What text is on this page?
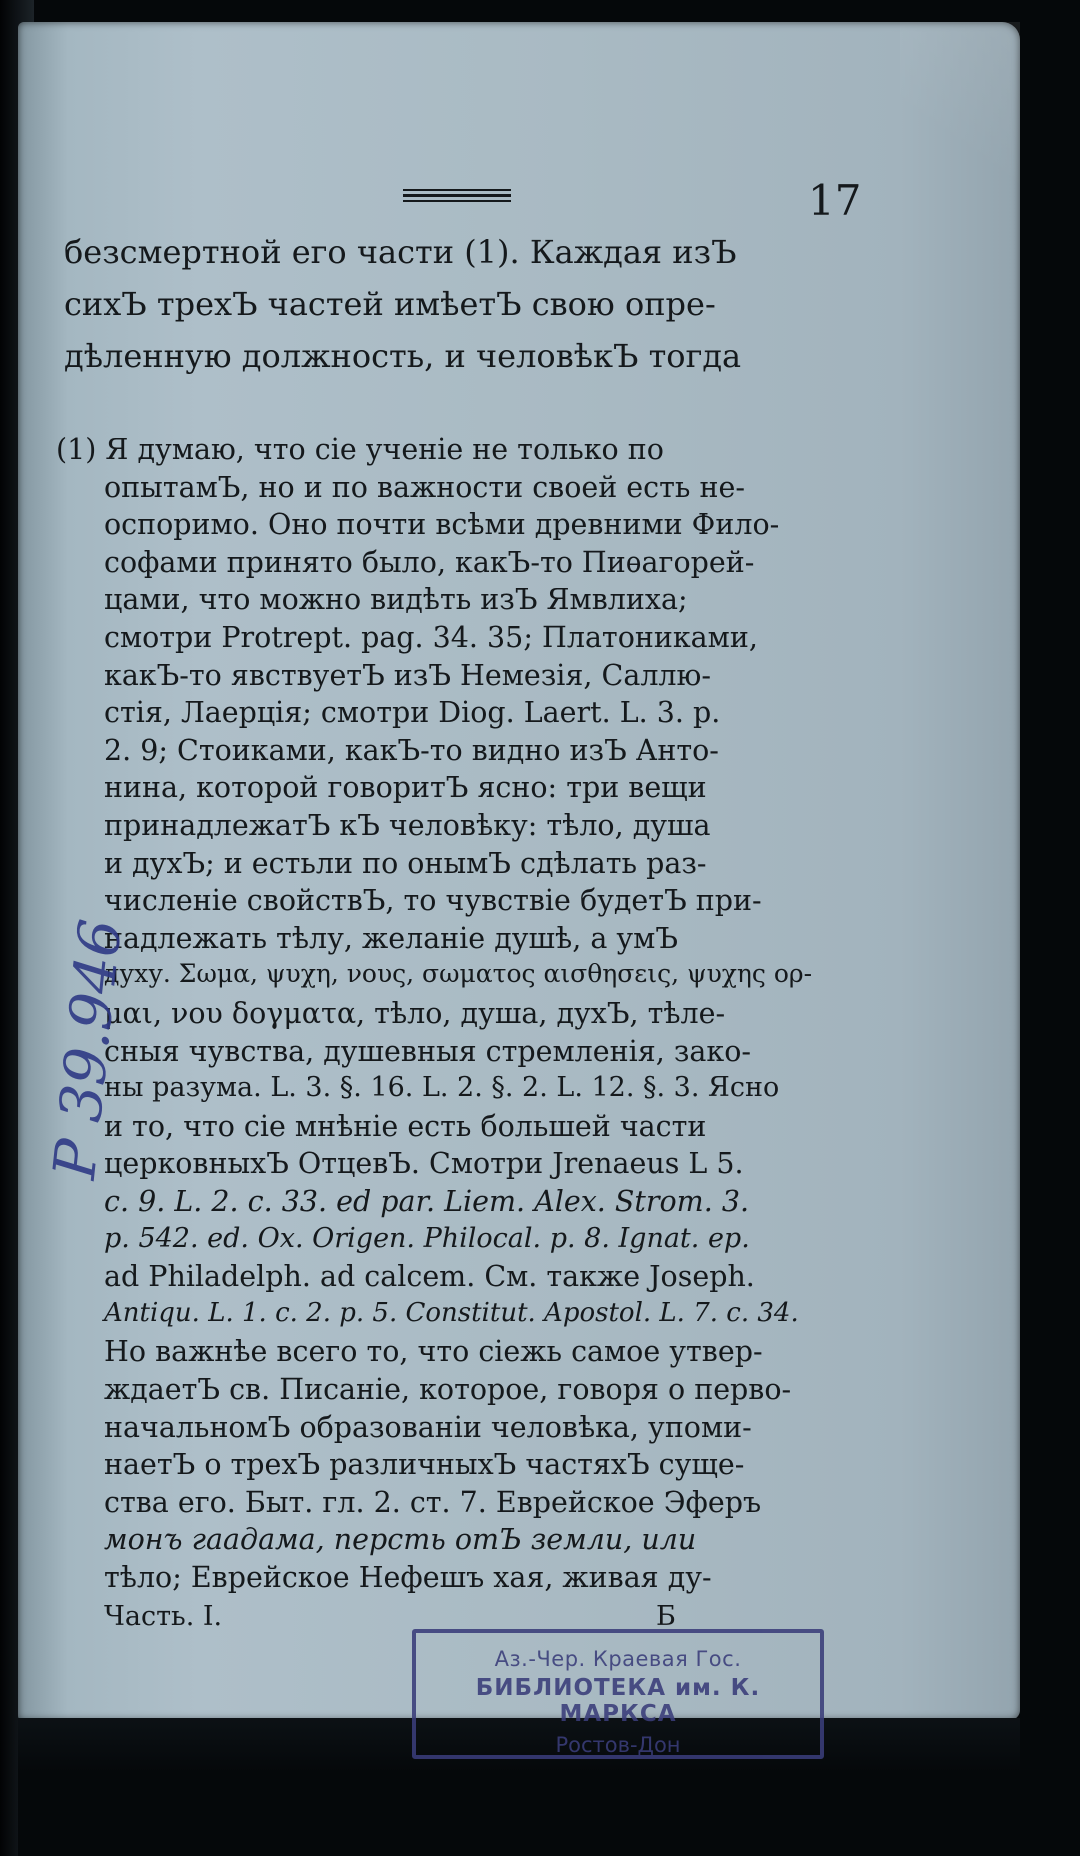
17
безсмертной его части (1). Каждая изЪ
сихЪ трехЪ частей имѣетЪ свою опре-
дѣленную должность, и человѣкЪ тогда
(1) Я думаю, что сіе ученіе не только по
опытамЪ, но и по важности своей есть не-
оспоримо. Оно почти всѣми древними Фило-
софами принято было, какЪ-то Пиѳагорей-
цами, что можно видѣть изЪ Ямвлиха;
смотри Protrept. pag. 34. 35; Платониками,
какЪ-то явствуетЪ изЪ Немезія, Саллю-
стія, Лаерція; смотри Diog. Laert. L. 3. p.
2. 9; Стоиками, какЪ-то видно изЪ Антo-
нина, которой говоритЪ ясно: три вещи
принадлежатЪ кЪ человѣку: тѣло, душа
и духЪ; и естьли по онымЪ сдѣлать раз-
численіе свойствЪ, то чувствіе будетЪ при-
надлежать тѣлу, желаніе душѣ, а умЪ
духу. Σωμα, ψυχη, νους, σωματος αισθησεις, ψυχης ορ-
μαι, νου δογματα, тѣло, душа, духЪ, тѣле-
сныя чувства, душевныя стремленія, зако-
ны разума. L. 3. §. 16. L. 2. §. 2. L. 12. §. 3. Ясно
и то, что сіе мнѣніе есть большей части
церковныхЪ ОтцевЪ. Смотри Jrenaeus L 5.
c. 9. L. 2. c. 33. ed par. Liem. Alex. Strom. 3.
p. 542. ed. Ox. Origen. Philocal. p. 8. Ignat. ep.
ad Philadelph. ad calcem. См. также Joseph.
Antiqu. L. 1. c. 2. p. 5. Constitut. Apostol. L. 7. c. 34.
Но важнѣе всего то, что сіежь самое утвер-
ждаетЪ св. Писаніе, которое, говоря о перво-
начальномЪ образованіи человѣка, упоми-
наетЪ о трехЪ различныхЪ частяхЪ суще-
ства его. Быт. гл. 2. ст. 7. Еврейское Эферъ
монъ гаадама, персть отЪ земли, или
тѣло; Еврейское Нефешъ хая, живая ду-
Часть. I.
Р 39.946
Аз.-Чер. Краевая Гос.
БИБЛИОТЕКА им. К. МАРКСА
Ростов-Дон
Б
